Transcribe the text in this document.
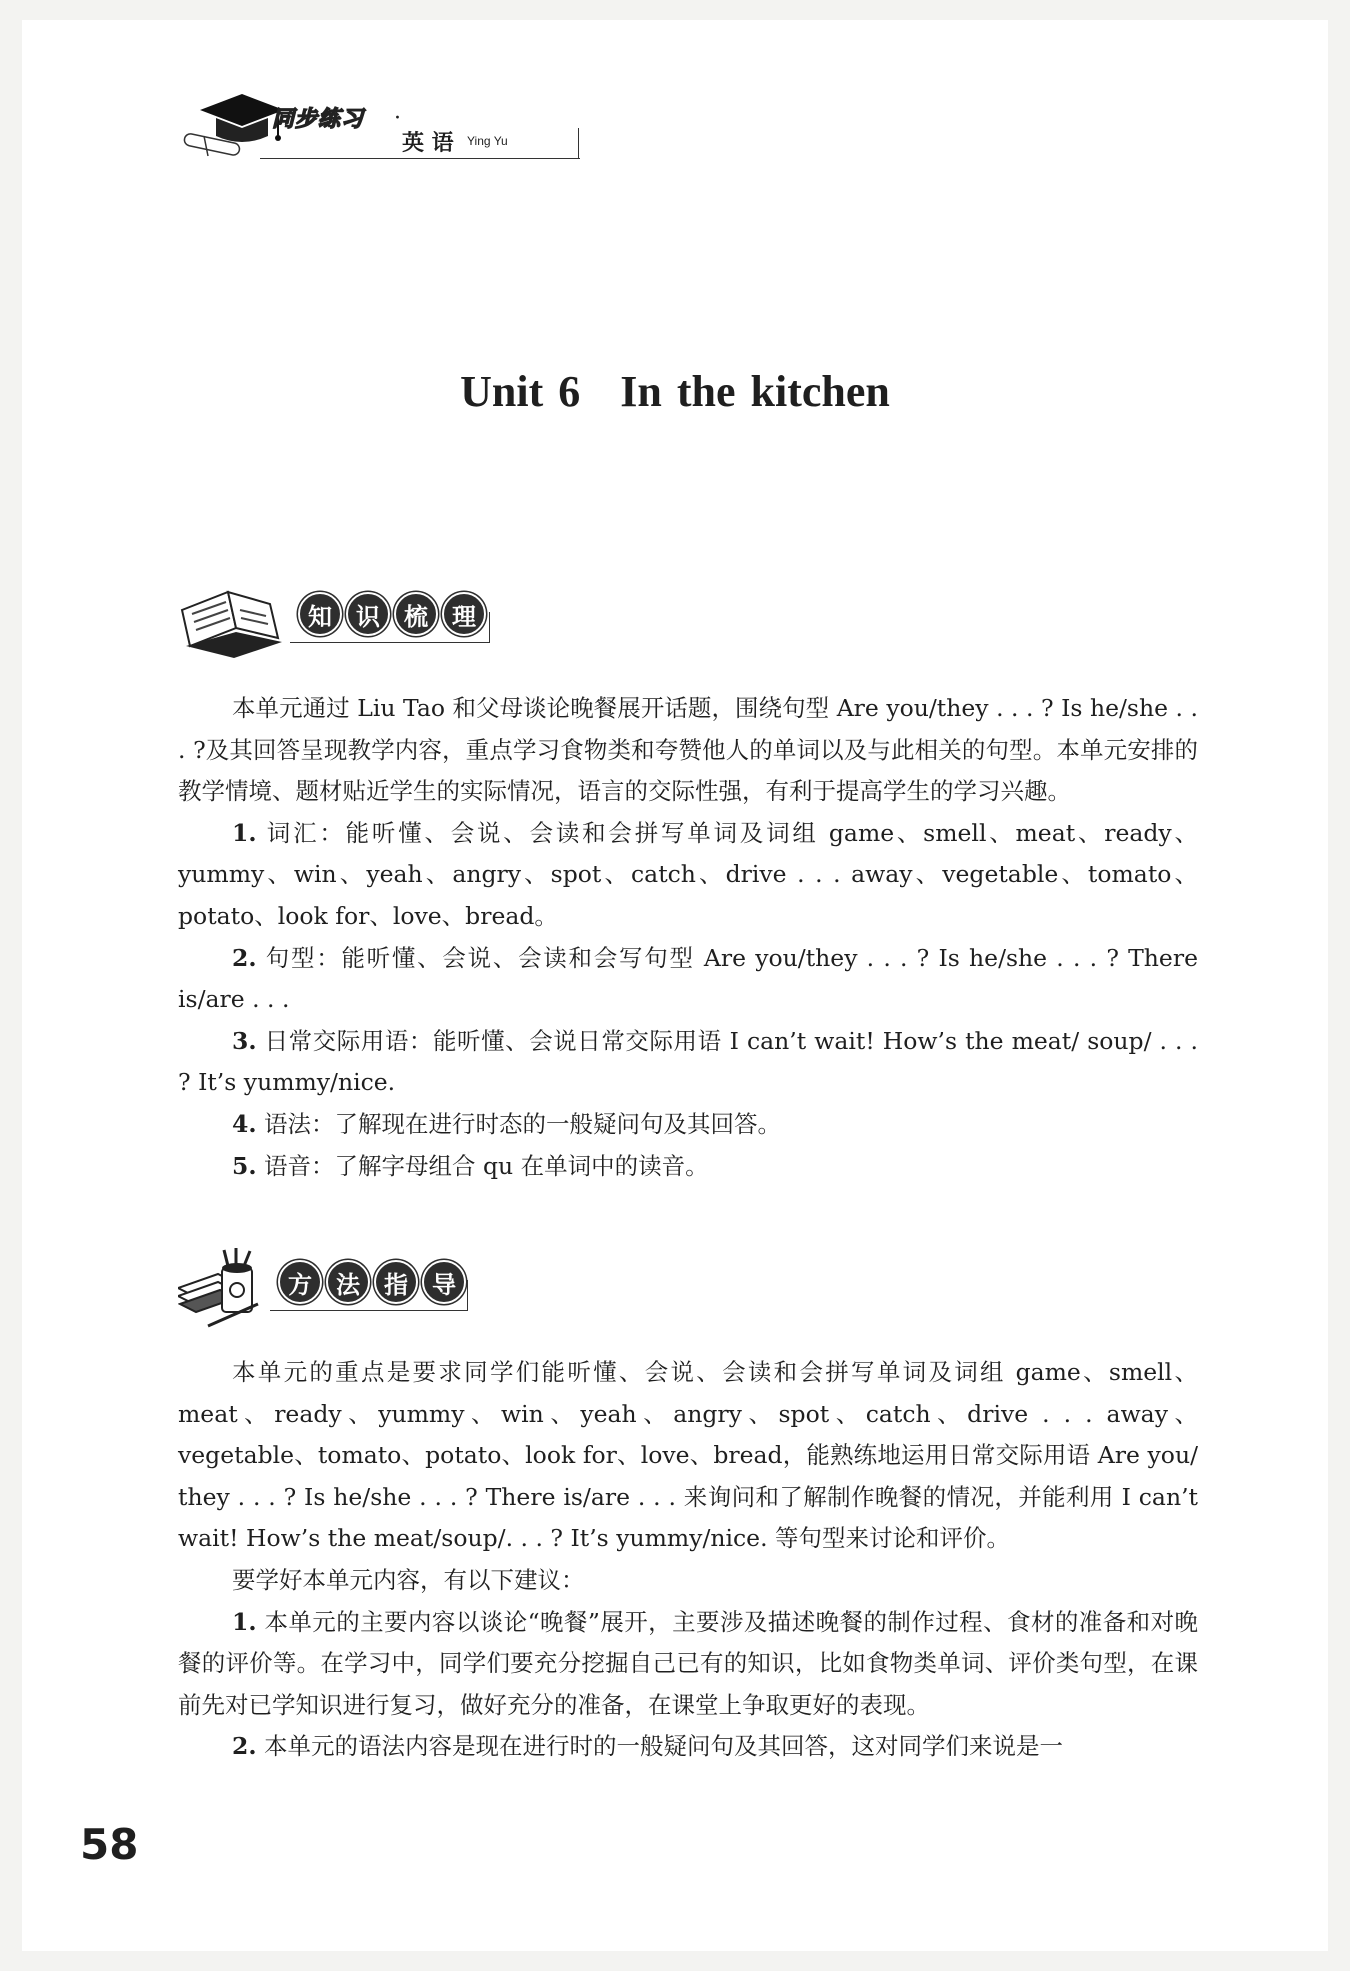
同步练习 ·
英 语 Ying Yu
Unit 6 In the kitchen
知	识	梳	理

本单元通过 Liu Tao 和父母谈论晚餐展开话题，围绕句型 Are you/they . . . ? Is he/she . . . ?及其回答呈现教学内容，重点学习食物类和夸赞他人的单词以及与此相关的句型。本单元安排的教学情境、题材贴近学生的实际情况，语言的交际性强，有利于提高学生的学习兴趣。

1. 词汇：能听懂、会说、会读和会拼写单词及词组 game、smell、meat、ready、yummy、win、yeah、angry、spot、catch、drive . . . away、vegetable、tomato、potato、look for、love、bread。

2. 句型：能听懂、会说、会读和会写句型 Are you/they . . . ? Is he/she . . . ? There is/are . . .

3. 日常交际用语：能听懂、会说日常交际用语 I can’t wait! How’s the meat/ soup/ . . . ? It’s yummy/nice.

4. 语法：了解现在进行时态的一般疑问句及其回答。

5. 语音：了解字母组合 qu 在单词中的读音。

方	法	指	导

本单元的重点是要求同学们能听懂、会说、会读和会拼写单词及词组 game、smell、meat、ready、yummy、win、yeah、angry、spot、catch、drive . . . away、vegetable、tomato、potato、look for、love、bread，能熟练地运用日常交际用语 Are you/ they . . . ? Is he/she . . . ? There is/are . . . 来询问和了解制作晚餐的情况，并能利用 I can’t wait! How’s the meat/soup/. . . ? It’s yummy/nice. 等句型来讨论和评价。

要学好本单元内容，有以下建议：

1. 本单元的主要内容以谈论“晚餐”展开，主要涉及描述晚餐的制作过程、食材的准备和对晚餐的评价等。在学习中，同学们要充分挖掘自己已有的知识，比如食物类单词、评价类句型，在课前先对已学知识进行复习，做好充分的准备，在课堂上争取更好的表现。

2. 本单元的语法内容是现在进行时的一般疑问句及其回答，这对同学们来说是一

58
